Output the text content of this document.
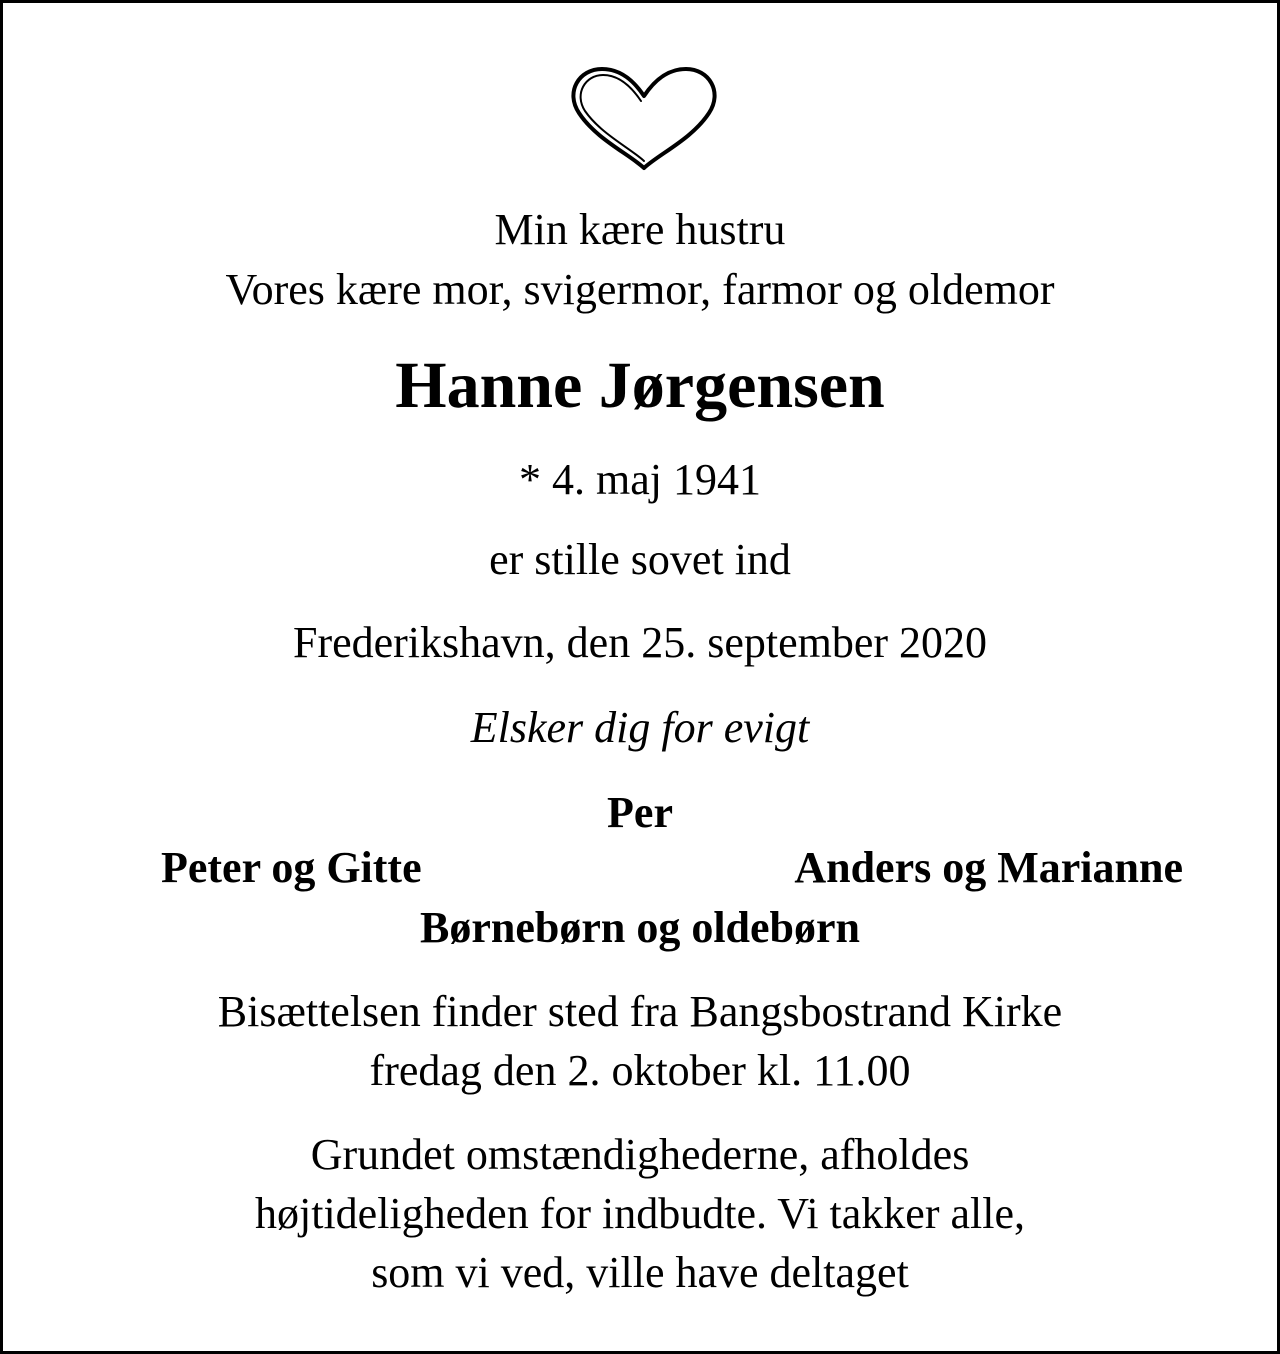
Min kære hustru
Vores kære mor, svigermor, farmor og oldemor
Hanne Jørgensen
* 4. maj 1941
er stille sovet ind
Frederikshavn, den 25. september 2020
Elsker dig for evigt
Per
Peter og Gitte	Anders og Marianne
Børnebørn og oldebørn
Bisættelsen finder sted fra Bangsbostrand Kirke
fredag den 2. oktober kl. 11.00
Grundet omstændighederne, afholdes
højtideligheden for indbudte. Vi takker alle,
som vi ved, ville have deltaget
